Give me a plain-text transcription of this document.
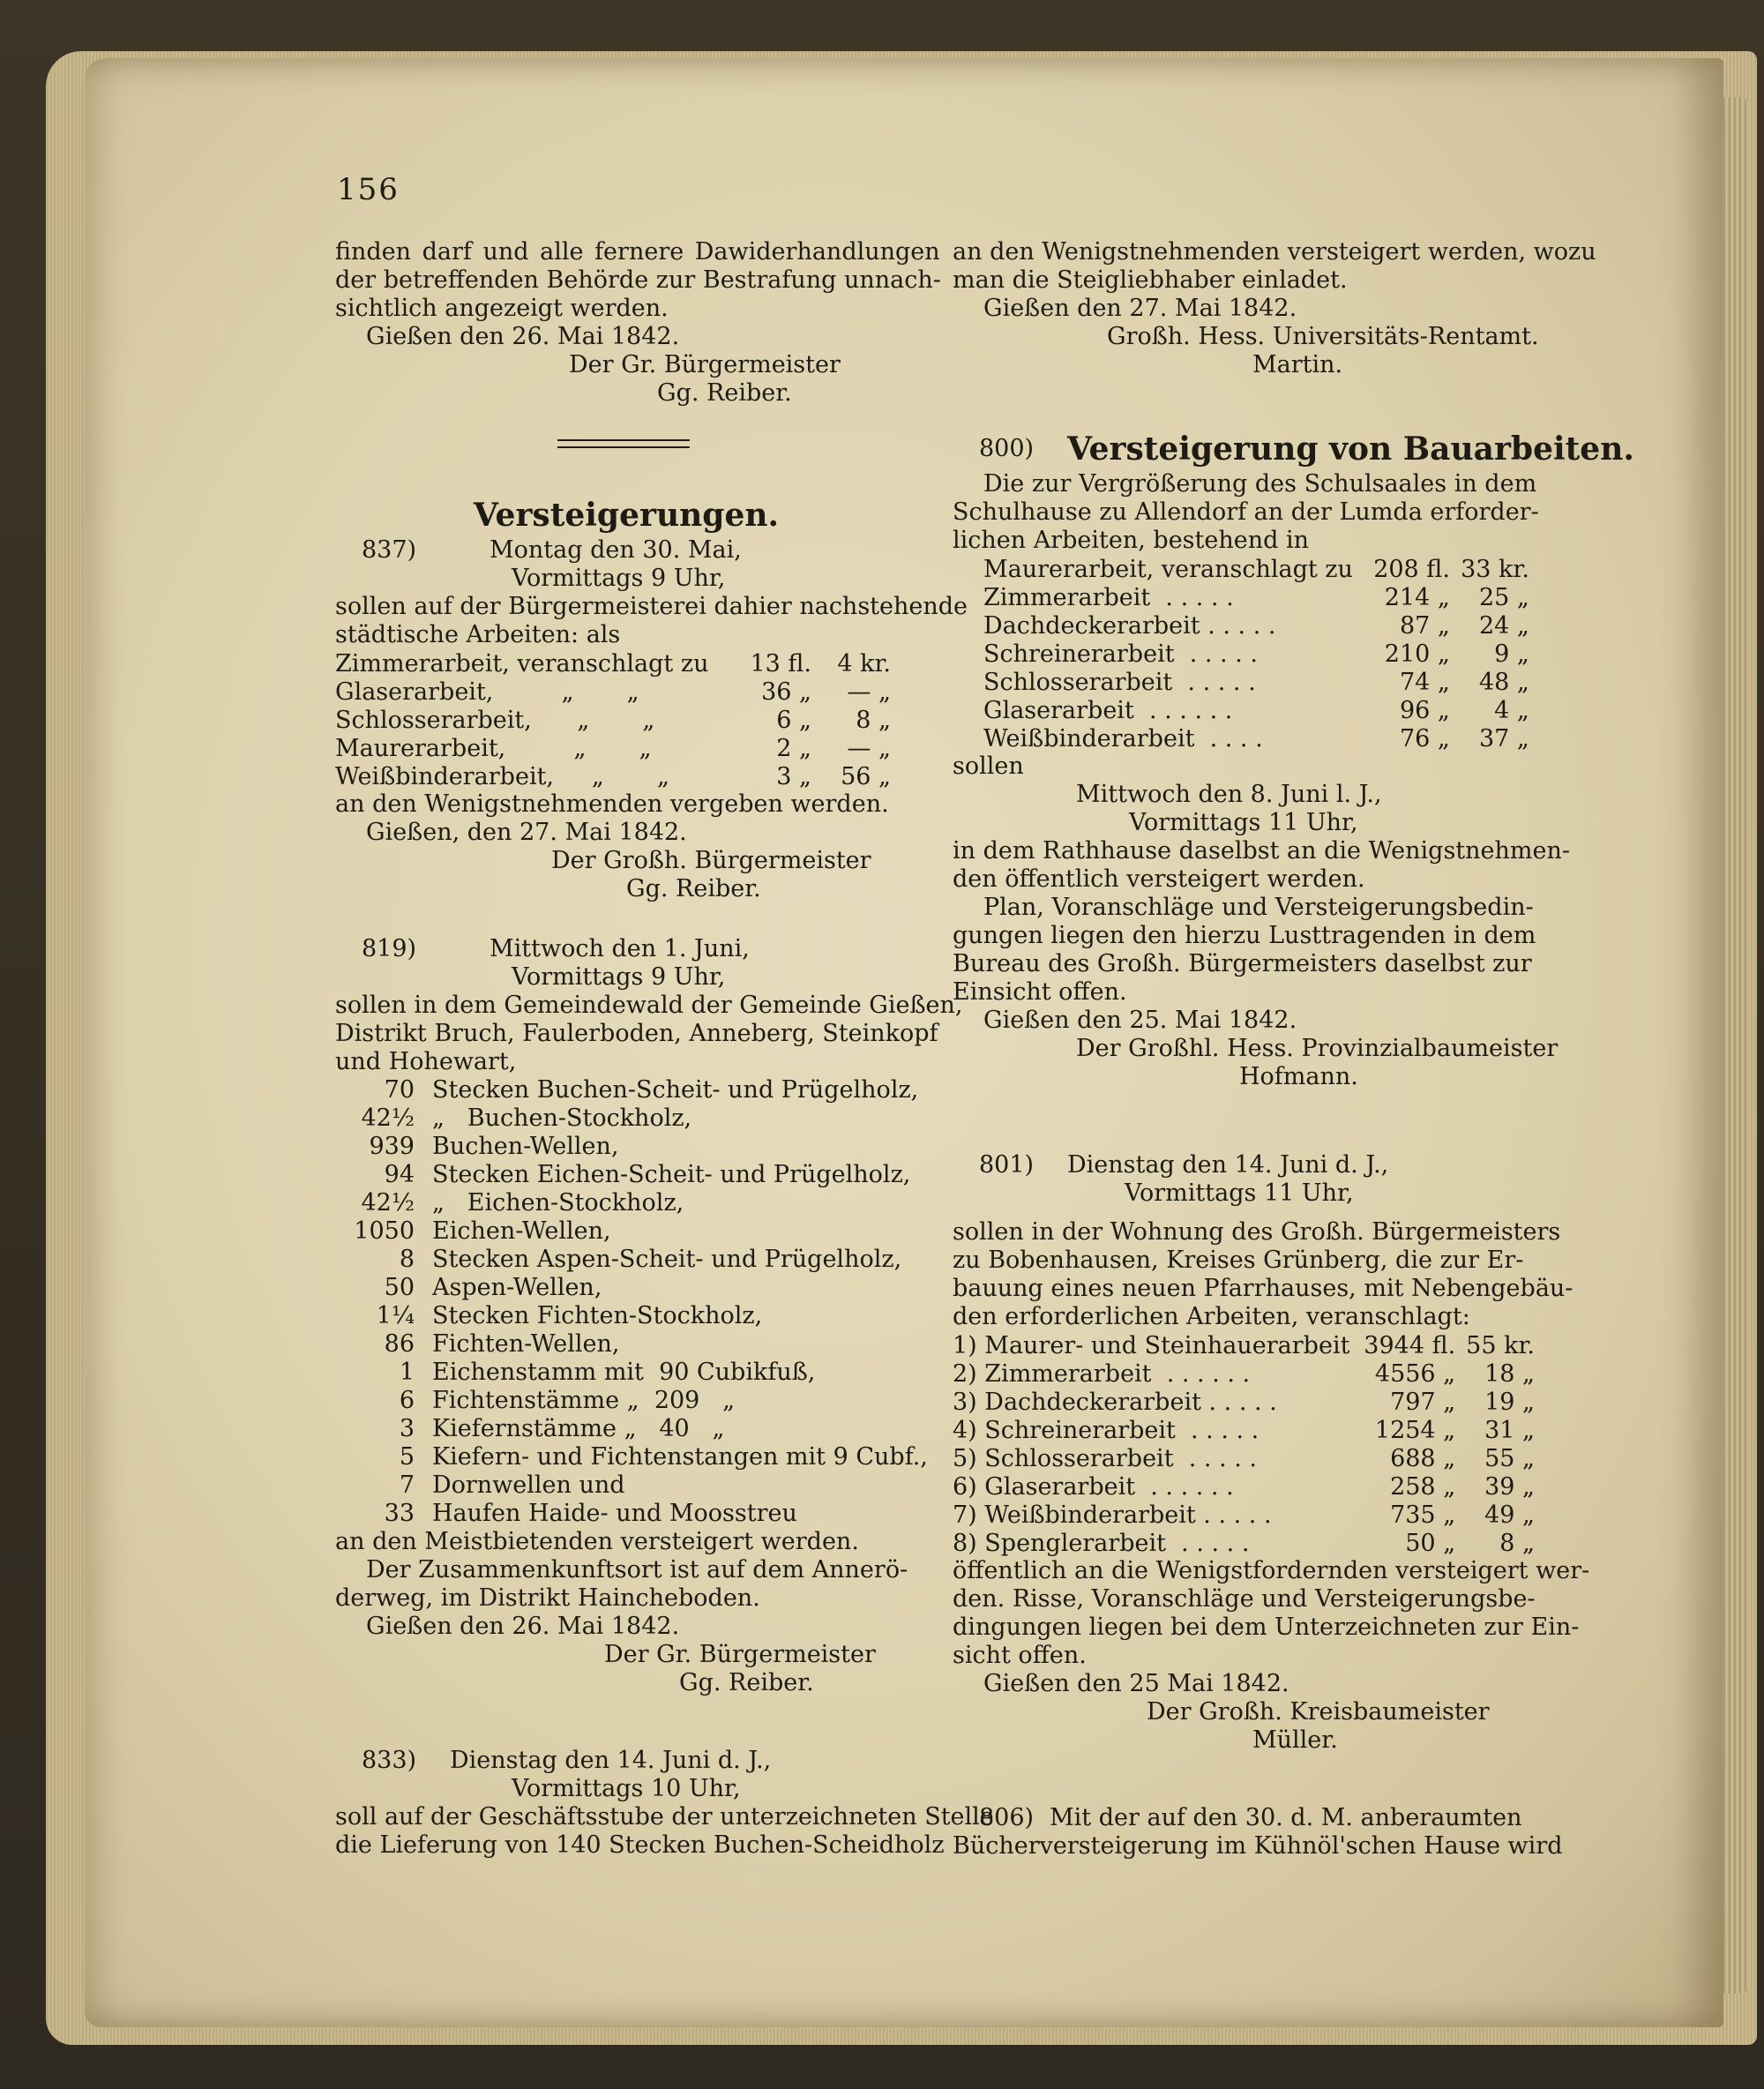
156
finden darf und alle fernere Dawiderhandlungen
der betreffenden Behörde zur Bestrafung unnach-
sichtlich angezeigt werden.
Gießen den 26. Mai 1842.
Der Gr. Bürgermeister
Gg. Reiber.
Versteigerungen.
837)	Montag den 30. Mai,
Vormittags 9 Uhr,
sollen auf der Bürgermeisterei dahier nachstehende
städtische Arbeiten: als
Zimmerarbeit, veranschlagt zu	13 fl.	4 kr.
Glaserarbeit,         „       „	36 „	— „
Schlosserarbeit,      „       „	6 „	8 „
Maurerarbeit,         „       „	2 „	— „
Weißbinderarbeit,     „       „	3 „	56 „
an den Wenigstnehmenden vergeben werden.
Gießen, den 27. Mai 1842.
Der Großh. Bürgermeister
Gg. Reiber.
819)	Mittwoch den 1. Juni,
Vormittags 9 Uhr,
sollen in dem Gemeindewald der Gemeinde Gießen,
Distrikt Bruch, Faulerboden, Anneberg, Steinkopf
und Hohewart,
70 Stecken Buchen-Scheit- und Prügelholz,
42½ „   Buchen-Stockholz,
939 Buchen-Wellen,
94 Stecken Eichen-Scheit- und Prügelholz,
42½ „   Eichen-Stockholz,
1050 Eichen-Wellen,
8 Stecken Aspen-Scheit- und Prügelholz,
50 Aspen-Wellen,
1¼ Stecken Fichten-Stockholz,
86 Fichten-Wellen,
1 Eichenstamm mit  90 Cubikfuß,
6 Fichtenstämme „  209   „
3 Kiefernstämme „   40   „
5 Kiefern- und Fichtenstangen mit 9 Cubf.,
7 Dornwellen und
33 Haufen Haide- und Moosstreu
an den Meistbietenden versteigert werden.
Der Zusammenkunftsort ist auf dem Annerö-
derweg, im Distrikt Haincheboden.
Gießen den 26. Mai 1842.
Der Gr. Bürgermeister
Gg. Reiber.
833) Dienstag den 14. Juni d. J.,
Vormittags 10 Uhr,
soll auf der Geschäftsstube der unterzeichneten Stelle
die Lieferung von 140 Stecken Buchen-Scheidholz
an den Wenigstnehmenden versteigert werden, wozu
man die Steigliebhaber einladet.
Gießen den 27. Mai 1842.
Großh. Hess. Universitäts-Rentamt.
Martin.
800) Versteigerung von Bauarbeiten.
Die zur Vergrößerung des Schulsaales in dem
Schulhause zu Allendorf an der Lumda erforder-
lichen Arbeiten, bestehend in
Maurerarbeit, veranschlagt zu	208 fl.	33 kr.
Zimmerarbeit  . . . . .	214 „	25 „
Dachdeckerarbeit . . . . .	87 „	24 „
Schreinerarbeit  . . . . .	210 „	9 „
Schlosserarbeit  . . . . .	74 „	48 „
Glaserarbeit  . . . . . .	96 „	4 „
Weißbinderarbeit  . . . .	76 „	37 „
sollen
Mittwoch den 8. Juni l. J.,
Vormittags 11 Uhr,
in dem Rathhause daselbst an die Wenigstnehmen-
den öffentlich versteigert werden.
Plan, Voranschläge und Versteigerungsbedin-
gungen liegen den hierzu Lusttragenden in dem
Bureau des Großh. Bürgermeisters daselbst zur
Einsicht offen.
Gießen den 25. Mai 1842.
Der Großhl. Hess. Provinzialbaumeister
Hofmann.
801) Dienstag den 14. Juni d. J.,
Vormittags 11 Uhr,
sollen in der Wohnung des Großh. Bürgermeisters
zu Bobenhausen, Kreises Grünberg, die zur Er-
bauung eines neuen Pfarrhauses, mit Nebengebäu-
den erforderlichen Arbeiten, veranschlagt:
1) Maurer- und Steinhauerarbeit	3944 fl.	55 kr.
2) Zimmerarbeit  . . . . . .	4556 „	18 „
3) Dachdeckerarbeit . . . . .	797 „	19 „
4) Schreinerarbeit  . . . . .	1254 „	31 „
5) Schlosserarbeit  . . . . .	688 „	55 „
6) Glaserarbeit  . . . . . .	258 „	39 „
7) Weißbinderarbeit . . . . .	735 „	49 „
8) Spenglerarbeit  . . . . .	50 „	8 „
öffentlich an die Wenigstfordernden versteigert wer-
den. Risse, Voranschläge und Versteigerungsbe-
dingungen liegen bei dem Unterzeichneten zur Ein-
sicht offen.
Gießen den 25 Mai 1842.
Der Großh. Kreisbaumeister
Müller.
806) Mit der auf den 30. d. M. anberaumten
Bücherversteigerung im Kühnöl'schen Hause wird
